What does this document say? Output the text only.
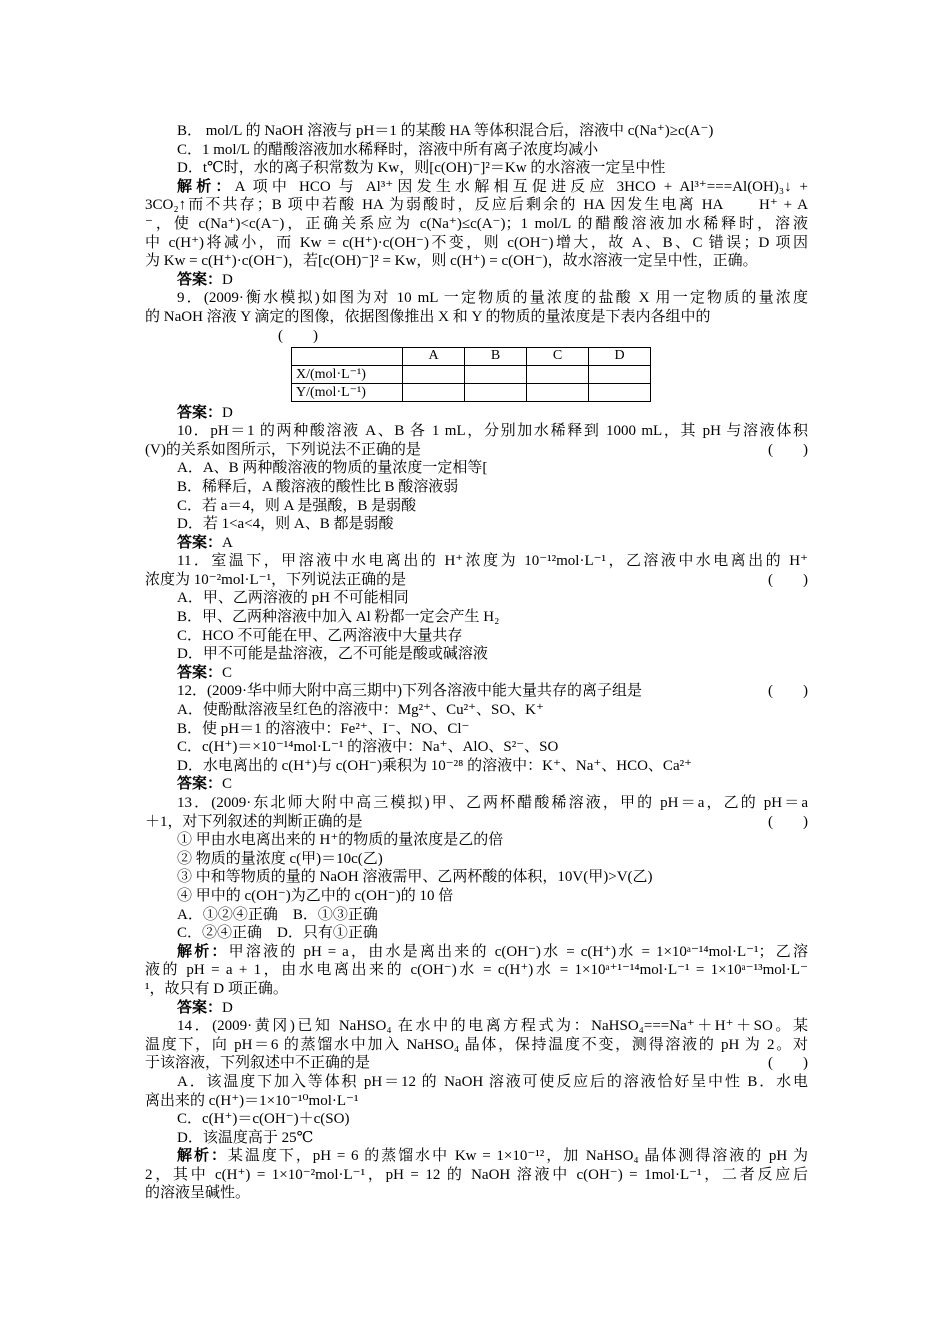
B． mol/L 的 NaOH 溶液与 pH＝1 的某酸 HA 等体积混合后，溶液中 c(Na⁺)≥c(A⁻)
C．1 mol/L 的醋酸溶液加水稀释时，溶液中所有离子浓度均减小
D．t℃时，水的离子积常数为 Kw，则[c(OH)⁻]²＝Kw 的水溶液一定呈中性
解析：A 项中 HCO 与 Al³⁺因发生水解相互促进反应 3HCO + Al³⁺===Al(OH)₃↓ +
3CO₂↑而不共存；B 项中若酸 HA 为弱酸时，反应后剩余的 HA 因发生电离 HA　　H⁺ + A
⁻，使 c(Na⁺)<c(A⁻)，正确关系应为 c(Na⁺)≤c(A⁻)；1 mol/L 的醋酸溶液加水稀释时，溶液
中 c(H⁺)将减小，而 Kw = c(H⁺)·c(OH⁻)不变，则 c(OH⁻)增大，故 A、B、C 错误；D 项因
为 Kw = c(H⁺)·c(OH⁻)，若[c(OH)⁻]² = Kw，则 c(H⁺) = c(OH⁻)，故水溶液一定呈中性，正确。
答案：D
9．(2009·衡水模拟)如图为对 10 mL 一定物质的量浓度的盐酸 X 用一定物质的量浓度
的 NaOH 溶液 Y 滴定的图像，依据图像推出 X 和 Y 的物质的量浓度是下表内各组中的
(　　)
	A	B	C	D
X/(mol·L⁻¹)				
Y/(mol·L⁻¹)				
答案：D
10．pH＝1 的两种酸溶液 A、B 各 1 mL，分别加水稀释到 1000 mL，其 pH 与溶液体积
(　　)
(V)的关系如图所示，下列说法不正确的是
A．A、B 两种酸溶液的物质的量浓度一定相等[
B．稀释后，A 酸溶液的酸性比 B 酸溶液弱
C．若 a＝4，则 A 是强酸，B 是弱酸
D．若 1<a<4，则 A、B 都是弱酸
答案：A
11．室温下，甲溶液中水电离出的 H⁺浓度为 10⁻¹²mol·L⁻¹，乙溶液中水电离出的 H⁺
(　　)
浓度为 10⁻²mol·L⁻¹，下列说法正确的是
A．甲、乙两溶液的 pH 不可能相同
B．甲、乙两种溶液中加入 Al 粉都一定会产生 H₂
C．HCO 不可能在甲、乙两溶液中大量共存
D．甲不可能是盐溶液，乙不可能是酸或碱溶液
答案：C
(　　)
12．(2009·华中师大附中高三期中)下列各溶液中能大量共存的离子组是
A．使酚酞溶液呈红色的溶液中：Mg²⁺、Cu²⁺、SO、K⁺
B．使 pH＝1 的溶液中：Fe²⁺、I⁻、NO、Cl⁻
C．c(H⁺)＝×10⁻¹⁴mol·L⁻¹ 的溶液中：Na⁺、AlO、S²⁻、SO
D．水电离出的 c(H⁺)与 c(OH⁻)乘积为 10⁻²⁸ 的溶液中：K⁺、Na⁺、HCO、Ca²⁺
答案：C
13．(2009·东北师大附中高三模拟)甲、乙两杯醋酸稀溶液，甲的 pH＝a，乙的 pH＝a
(　　)
＋1，对下列叙述的判断正确的是
① 甲由水电离出来的 H⁺的物质的量浓度是乙的倍
② 物质的量浓度 c(甲)＝10c(乙)
③ 中和等物质的量的 NaOH 溶液需甲、乙两杯酸的体积，10V(甲)>V(乙)
④ 甲中的 c(OH⁻)为乙中的 c(OH⁻)的 10 倍
A．①②④正确　B．①③正确
C．②④正确　D．只有①正确
解析：甲溶液的 pH = a，由水是离出来的 c(OH⁻)水 = c(H⁺)水 = 1×10ᵃ⁻¹⁴mol·L⁻¹；乙溶
液的 pH = a + 1，由水电离出来的 c(OH⁻)水 = c(H⁺)水 = 1×10ᵃ⁺¹⁻¹⁴mol·L⁻¹ = 1×10ᵃ⁻¹³mol·L⁻
¹，故只有 D 项正确。
答案：D
14．(2009·黄冈)已知 NaHSO₄ 在水中的电离方程式为：NaHSO₄===Na⁺＋H⁺＋SO。某
温度下，向 pH＝6 的蒸馏水中加入 NaHSO₄ 晶体，保持温度不变，测得溶液的 pH 为 2。对
(　　)
于该溶液，下列叙述中不正确的是
A．该温度下加入等体积 pH＝12 的 NaOH 溶液可使反应后的溶液恰好呈中性 B．水电
离出来的 c(H⁺)＝1×10⁻¹⁰mol·L⁻¹
C．c(H⁺)＝c(OH⁻)＋c(SO)
D．该温度高于 25℃
解析：某温度下，pH = 6 的蒸馏水中 Kw = 1×10⁻¹²，加 NaHSO₄ 晶体测得溶液的 pH 为
2，其中 c(H⁺) = 1×10⁻²mol·L⁻¹，pH = 12 的 NaOH 溶液中 c(OH⁻) = 1mol·L⁻¹，二者反应后
的溶液呈碱性。
